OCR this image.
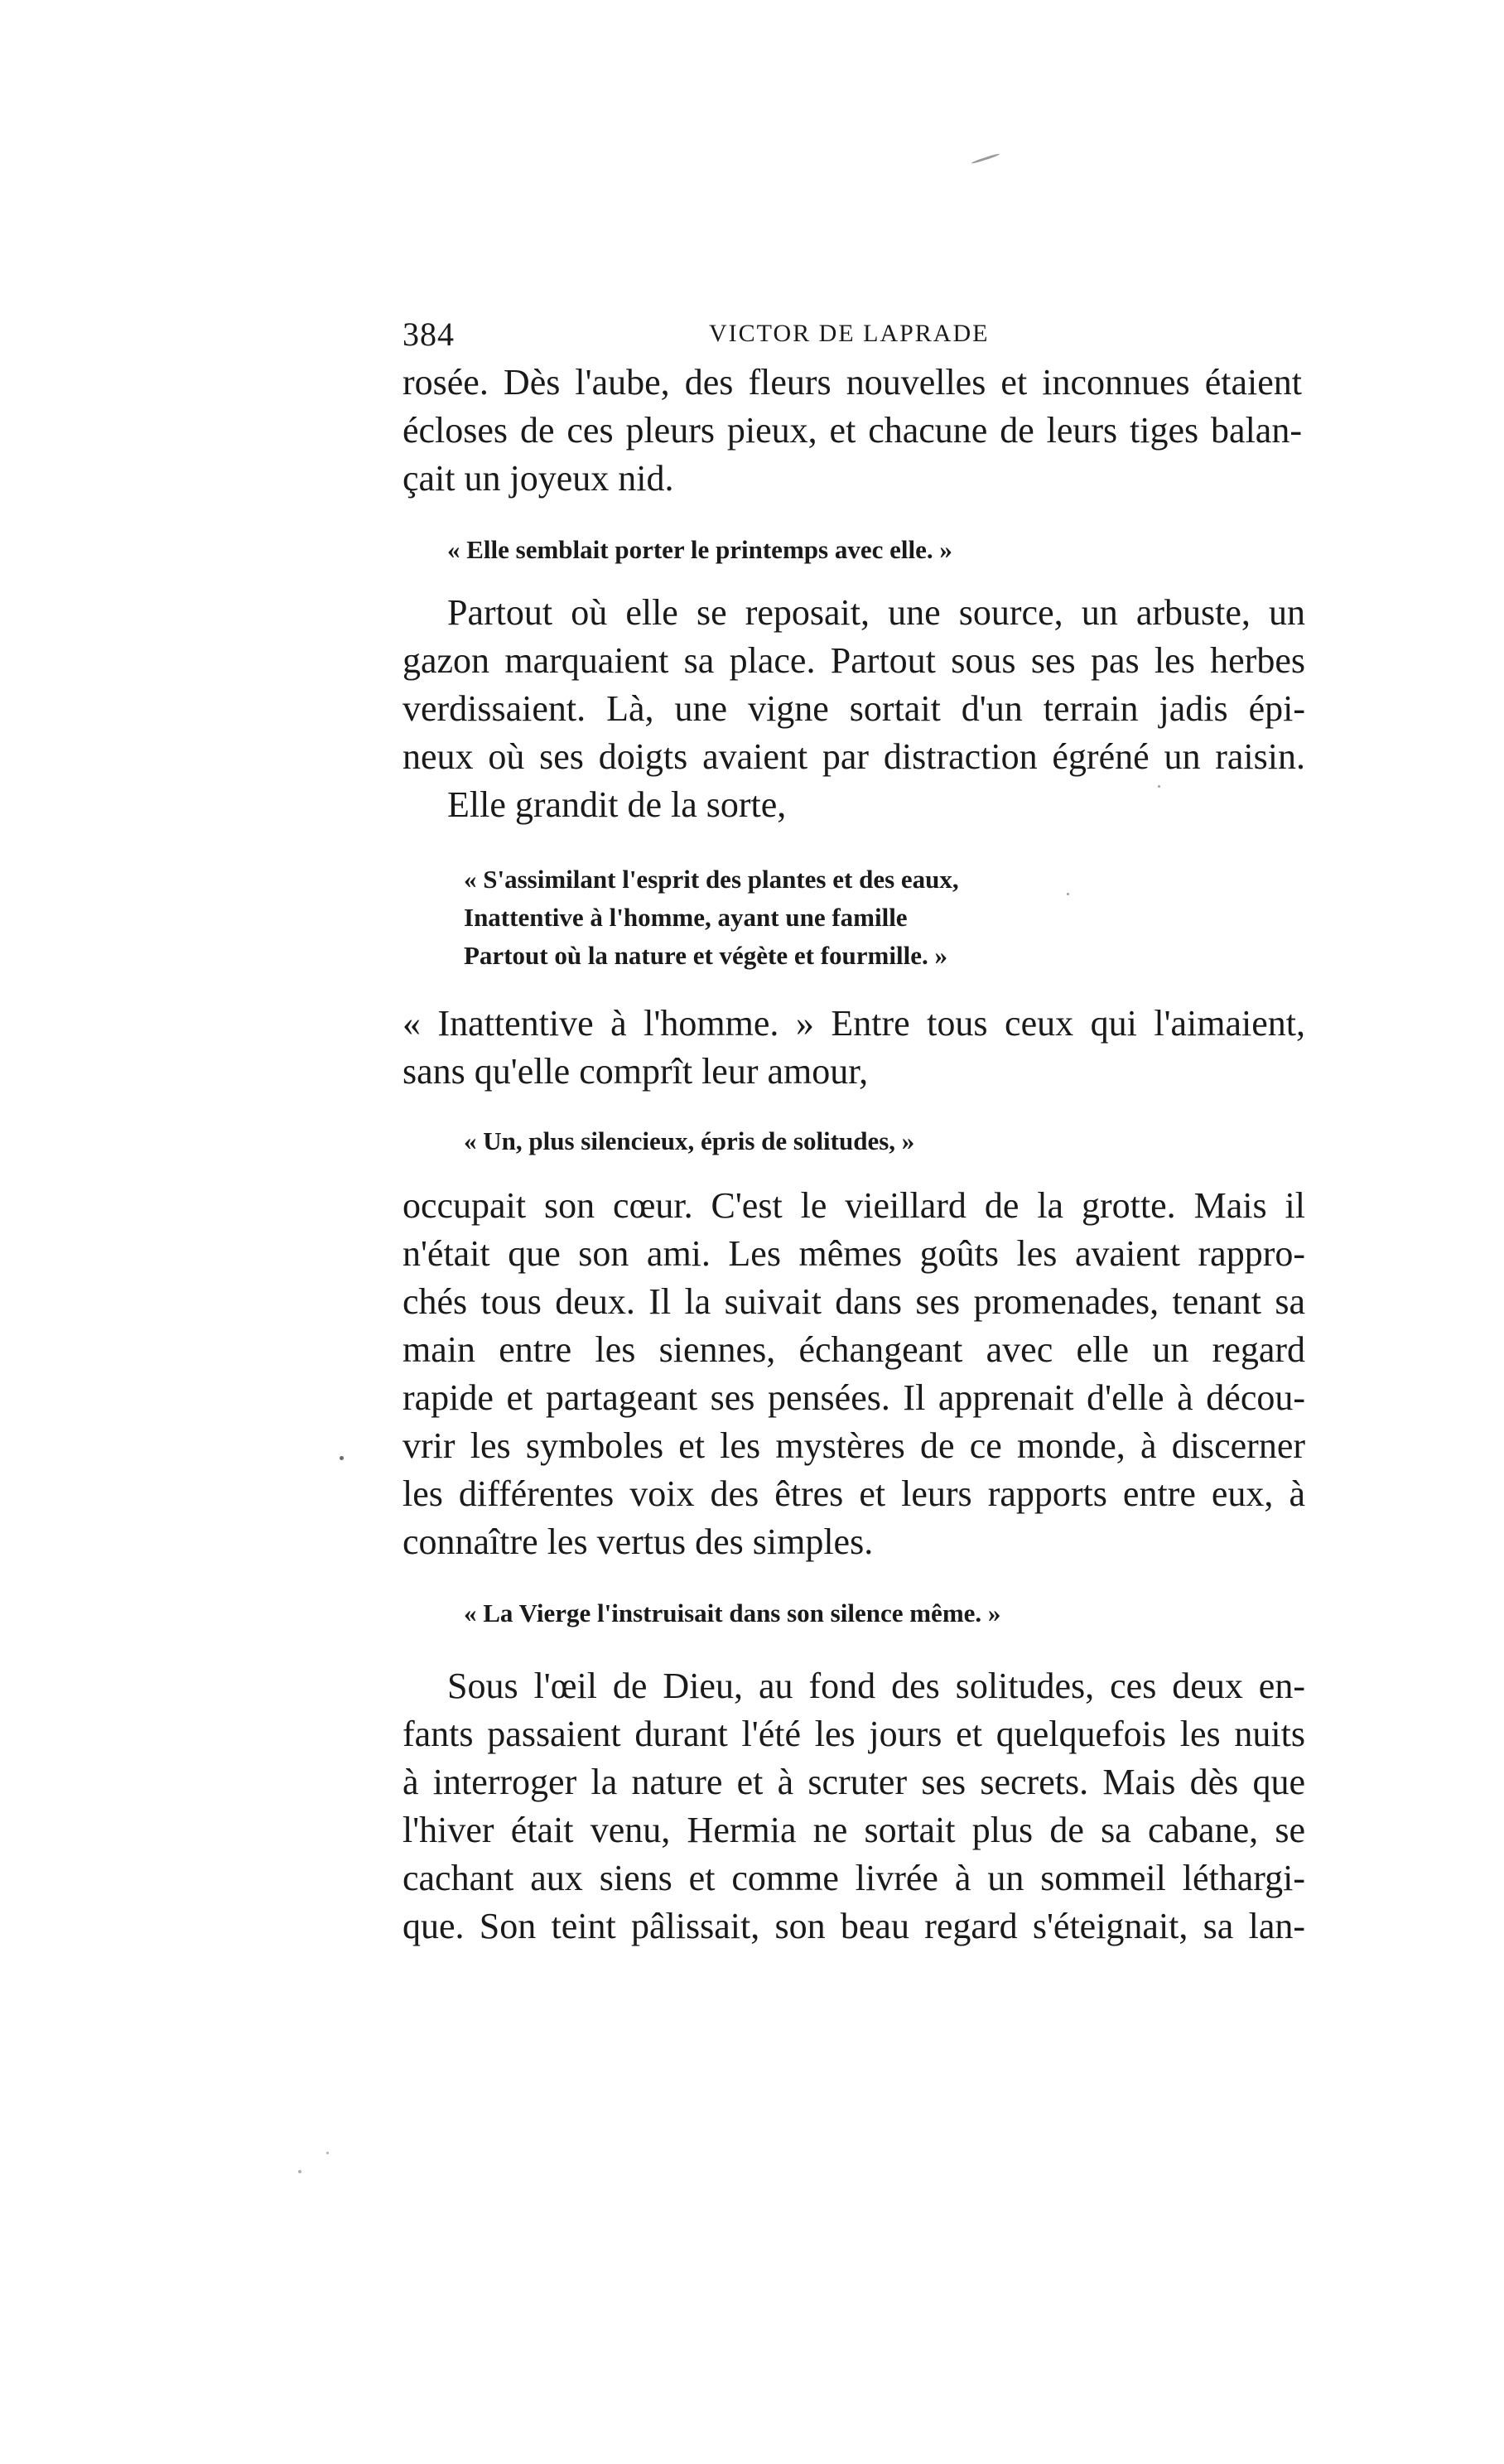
384	VICTOR DE LAPRADE
rosée. Dès l'aube, des fleurs nouvelles et inconnues étaient
écloses de ces pleurs pieux, et chacune de leurs tiges balan-
çait un joyeux nid.
« Elle semblait porter le printemps avec elle. »
Partout où elle se reposait, une source, un arbuste, un
gazon marquaient sa place. Partout sous ses pas les herbes
verdissaient. Là, une vigne sortait d'un terrain jadis épi-
neux où ses doigts avaient par distraction égréné un raisin.
Elle grandit de la sorte,
« S'assimilant l'esprit des plantes et des eaux,
Inattentive à l'homme, ayant une famille
Partout où la nature et végète et fourmille. »
« Inattentive à l'homme. » Entre tous ceux qui l'aimaient,
sans qu'elle comprît leur amour,
« Un, plus silencieux, épris de solitudes, »
occupait son cœur. C'est le vieillard de la grotte. Mais il
n'était que son ami. Les mêmes goûts les avaient rappro-
chés tous deux. Il la suivait dans ses promenades, tenant sa
main entre les siennes, échangeant avec elle un regard
rapide et partageant ses pensées. Il apprenait d'elle à décou-
vrir les symboles et les mystères de ce monde, à discerner
les différentes voix des êtres et leurs rapports entre eux, à
connaître les vertus des simples.
« La Vierge l'instruisait dans son silence même. »
Sous l'œil de Dieu, au fond des solitudes, ces deux en-
fants passaient durant l'été les jours et quelquefois les nuits
à interroger la nature et à scruter ses secrets. Mais dès que
l'hiver était venu, Hermia ne sortait plus de sa cabane, se
cachant aux siens et comme livrée à un sommeil léthargi-
que. Son teint pâlissait, son beau regard s'éteignait, sa lan-
